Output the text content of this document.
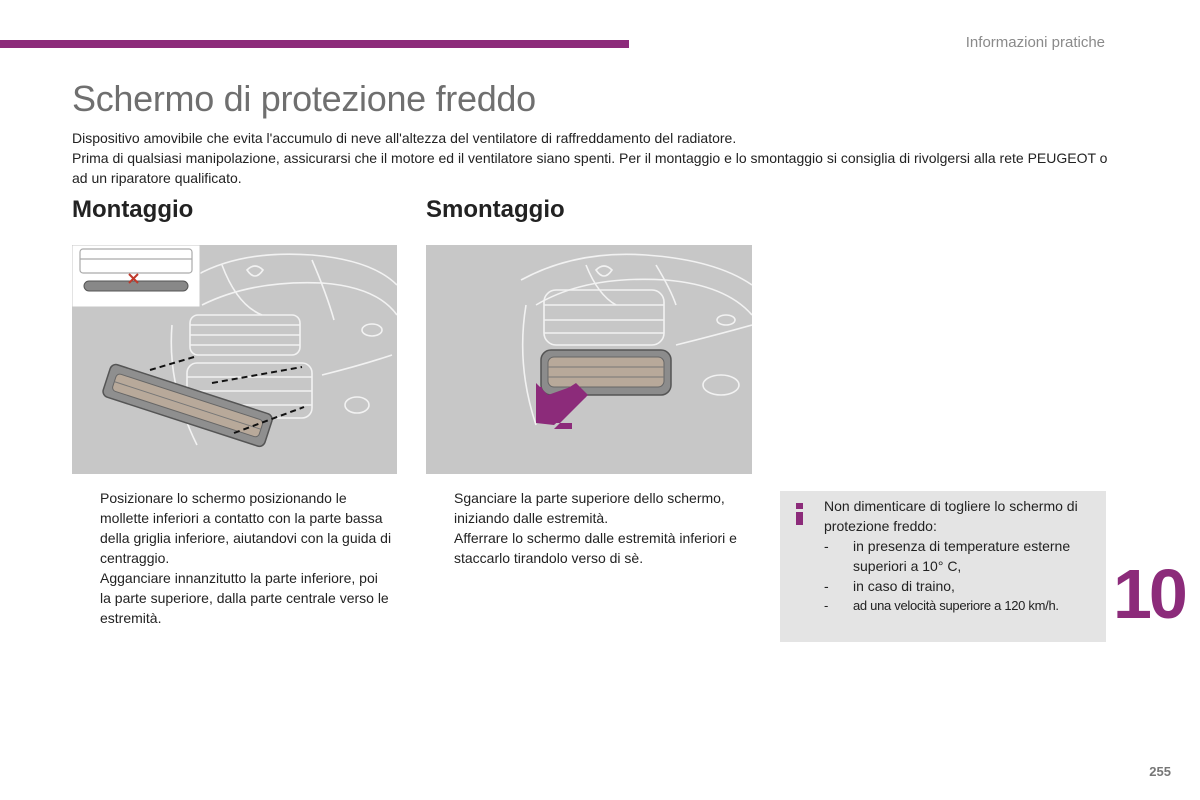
Informazioni pratiche
Schermo di protezione freddo

Dispositivo amovibile che evita l'accumulo di neve all'altezza del ventilatore di raffreddamento del radiatore.

Prima di qualsiasi manipolazione, assicurarsi che il motore ed il ventilatore siano spenti. Per il montaggio e lo smontaggio si consiglia di rivolgersi alla rete PEUGEOT o ad un riparatore qualificato.

Montaggio	Smontaggio
Posizionare lo schermo posizionando le mollette inferiori a contatto con la parte bassa della griglia inferiore, aiutandovi con la guida di centraggio.
Agganciare innanzitutto la parte inferiore, poi la parte superiore, dalla parte centrale verso le estremità.
Sganciare la parte superiore dello schermo, iniziando dalle estremità.
Afferrare lo schermo dalle estremità inferiori e staccarlo tirandolo verso di sè.

Non dimenticare di togliere lo schermo di protezione freddo:

- in presenza di temperature esterne superiori a 10° C,
- in caso di traino,
- ad una velocità superiore a 120 km/h. 10
255
